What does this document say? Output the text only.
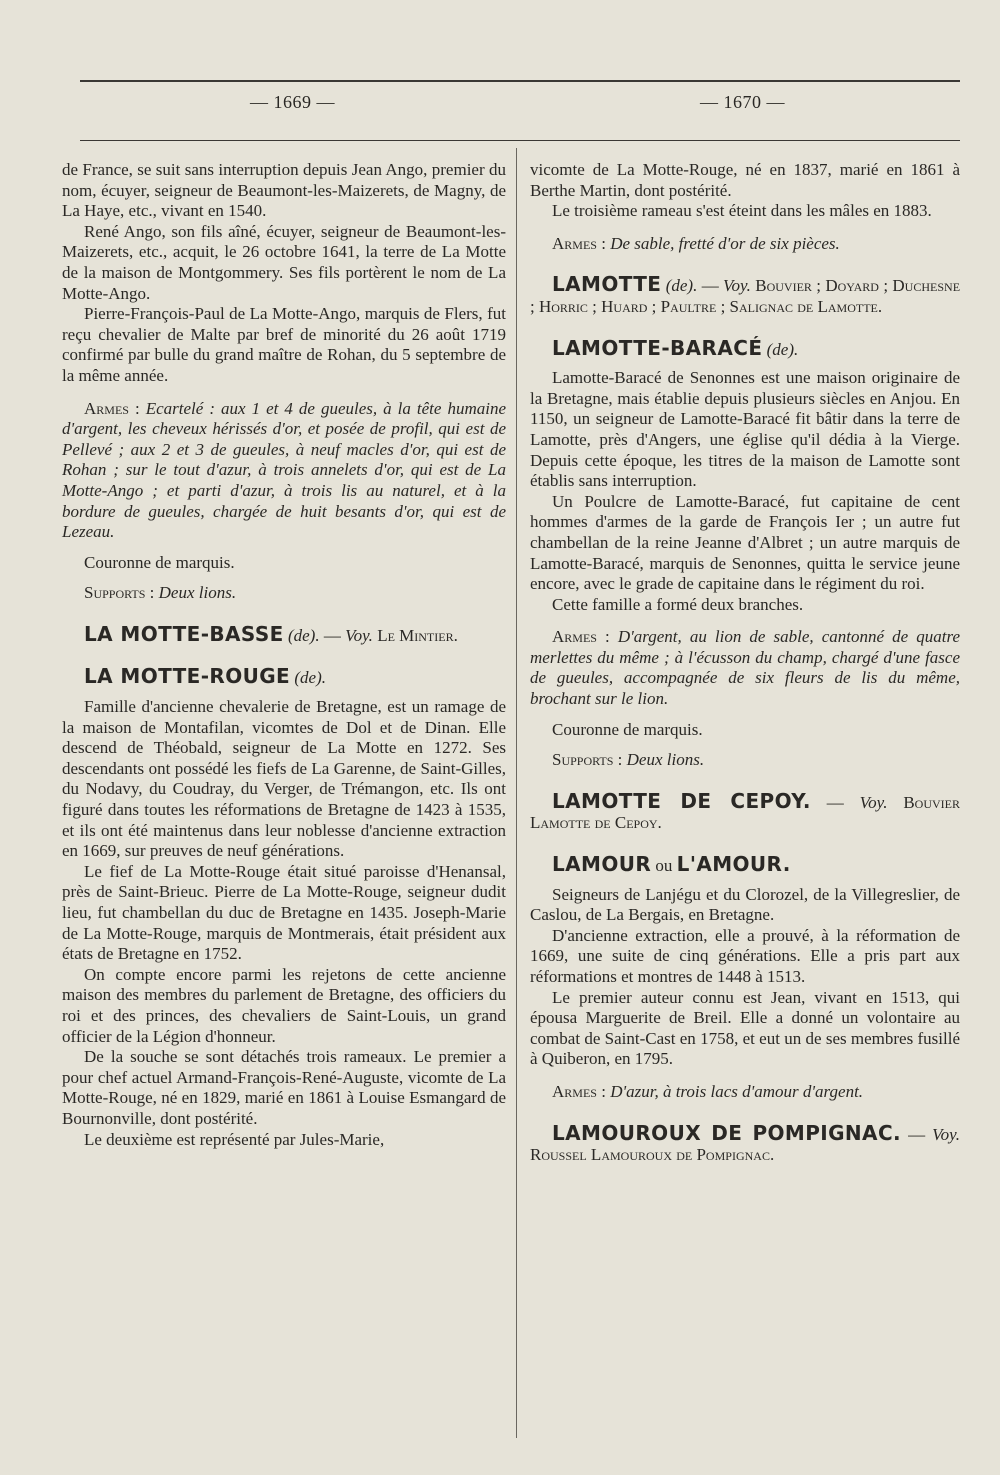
— 1669 —	— 1670 —

de France, se suit sans interruption depuis Jean Ango, premier du nom, écuyer, seigneur de Beaumont-les-Maizerets, de Magny, de La Haye, etc., vivant en 1540.

René Ango, son fils aîné, écuyer, seigneur de Beaumont-les-Maizerets, etc., acquit, le 26 octobre 1641, la terre de La Motte de la maison de Montgommery. Ses fils portèrent le nom de La Motte-Ango.

Pierre-François-Paul de La Motte-Ango, marquis de Flers, fut reçu chevalier de Malte par bref de minorité du 26 août 1719 confirmé par bulle du grand maître de Rohan, du 5 septembre de la même année.

Armes : Ecartelé : aux 1 et 4 de gueules, à la tête humaine d'argent, les cheveux hérissés d'or, et posée de profil, qui est de Pellevé ; aux 2 et 3 de gueules, à neuf macles d'or, qui est de Rohan ; sur le tout d'azur, à trois annelets d'or, qui est de La Motte-Ango ; et parti d'azur, à trois lis au naturel, et à la bordure de gueules, chargée de huit besants d'or, qui est de Lezeau.

Couronne de marquis.

Supports : Deux lions.

LA MOTTE-BASSE (de). — Voy. Le Mintier.

LA MOTTE-ROUGE (de).

Famille d'ancienne chevalerie de Bretagne, est un ramage de la maison de Montafilan, vicomtes de Dol et de Dinan. Elle descend de Théobald, seigneur de La Motte en 1272. Ses descendants ont possédé les fiefs de La Garenne, de Saint-Gilles, du Nodavy, du Coudray, du Verger, de Trémangon, etc. Ils ont figuré dans toutes les réformations de Bretagne de 1423 à 1535, et ils ont été maintenus dans leur noblesse d'ancienne extraction en 1669, sur preuves de neuf générations.

Le fief de La Motte-Rouge était situé paroisse d'Henansal, près de Saint-Brieuc. Pierre de La Motte-Rouge, seigneur dudit lieu, fut chambellan du duc de Bretagne en 1435. Joseph-Marie de La Motte-Rouge, marquis de Montmerais, était président aux états de Bretagne en 1752.

On compte encore parmi les rejetons de cette ancienne maison des membres du parlement de Bretagne, des officiers du roi et des princes, des chevaliers de Saint-Louis, un grand officier de la Légion d'honneur.

De la souche se sont détachés trois rameaux. Le premier a pour chef actuel Armand-François-René-Auguste, vicomte de La Motte-Rouge, né en 1829, marié en 1861 à Louise Esmangard de Bournonville, dont postérité.

Le deuxième est représenté par Jules-Marie,

vicomte de La Motte-Rouge, né en 1837, marié en 1861 à Berthe Martin, dont postérité.

Le troisième rameau s'est éteint dans les mâles en 1883.

Armes : De sable, fretté d'or de six pièces.

LAMOTTE (de). — Voy. Bouvier ; Doyard ; Duchesne ; Horric ; Huard ; Paultre ; Salignac de Lamotte.

LAMOTTE-BARACÉ (de).

Lamotte-Baracé de Senonnes est une maison originaire de la Bretagne, mais établie depuis plusieurs siècles en Anjou. En 1150, un seigneur de Lamotte-Baracé fit bâtir dans la terre de Lamotte, près d'Angers, une église qu'il dédia à la Vierge. Depuis cette époque, les titres de la maison de Lamotte sont établis sans interruption.

Un Poulcre de Lamotte-Baracé, fut capitaine de cent hommes d'armes de la garde de François Ier ; un autre fut chambellan de la reine Jeanne d'Albret ; un autre marquis de Lamotte-Baracé, marquis de Senonnes, quitta le service jeune encore, avec le grade de capitaine dans le régiment du roi.

Cette famille a formé deux branches.

Armes : D'argent, au lion de sable, cantonné de quatre merlettes du même ; à l'écusson du champ, chargé d'une fasce de gueules, accompagnée de six fleurs de lis du même, brochant sur le lion.

Couronne de marquis.

Supports : Deux lions.

LAMOTTE DE CEPOY. — Voy. Bouvier Lamotte de Cepoy.

LAMOUR ou L'AMOUR.

Seigneurs de Lanjégu et du Clorozel, de la Villegreslier, de Caslou, de La Bergais, en Bretagne.

D'ancienne extraction, elle a prouvé, à la réformation de 1669, une suite de cinq générations. Elle a pris part aux réformations et montres de 1448 à 1513.

Le premier auteur connu est Jean, vivant en 1513, qui épousa Marguerite de Breil. Elle a donné un volontaire au combat de Saint-Cast en 1758, et eut un de ses membres fusillé à Quiberon, en 1795.

Armes : D'azur, à trois lacs d'amour d'argent.

LAMOUROUX DE POMPIGNAC. — Voy. Roussel Lamouroux de Pompignac.
